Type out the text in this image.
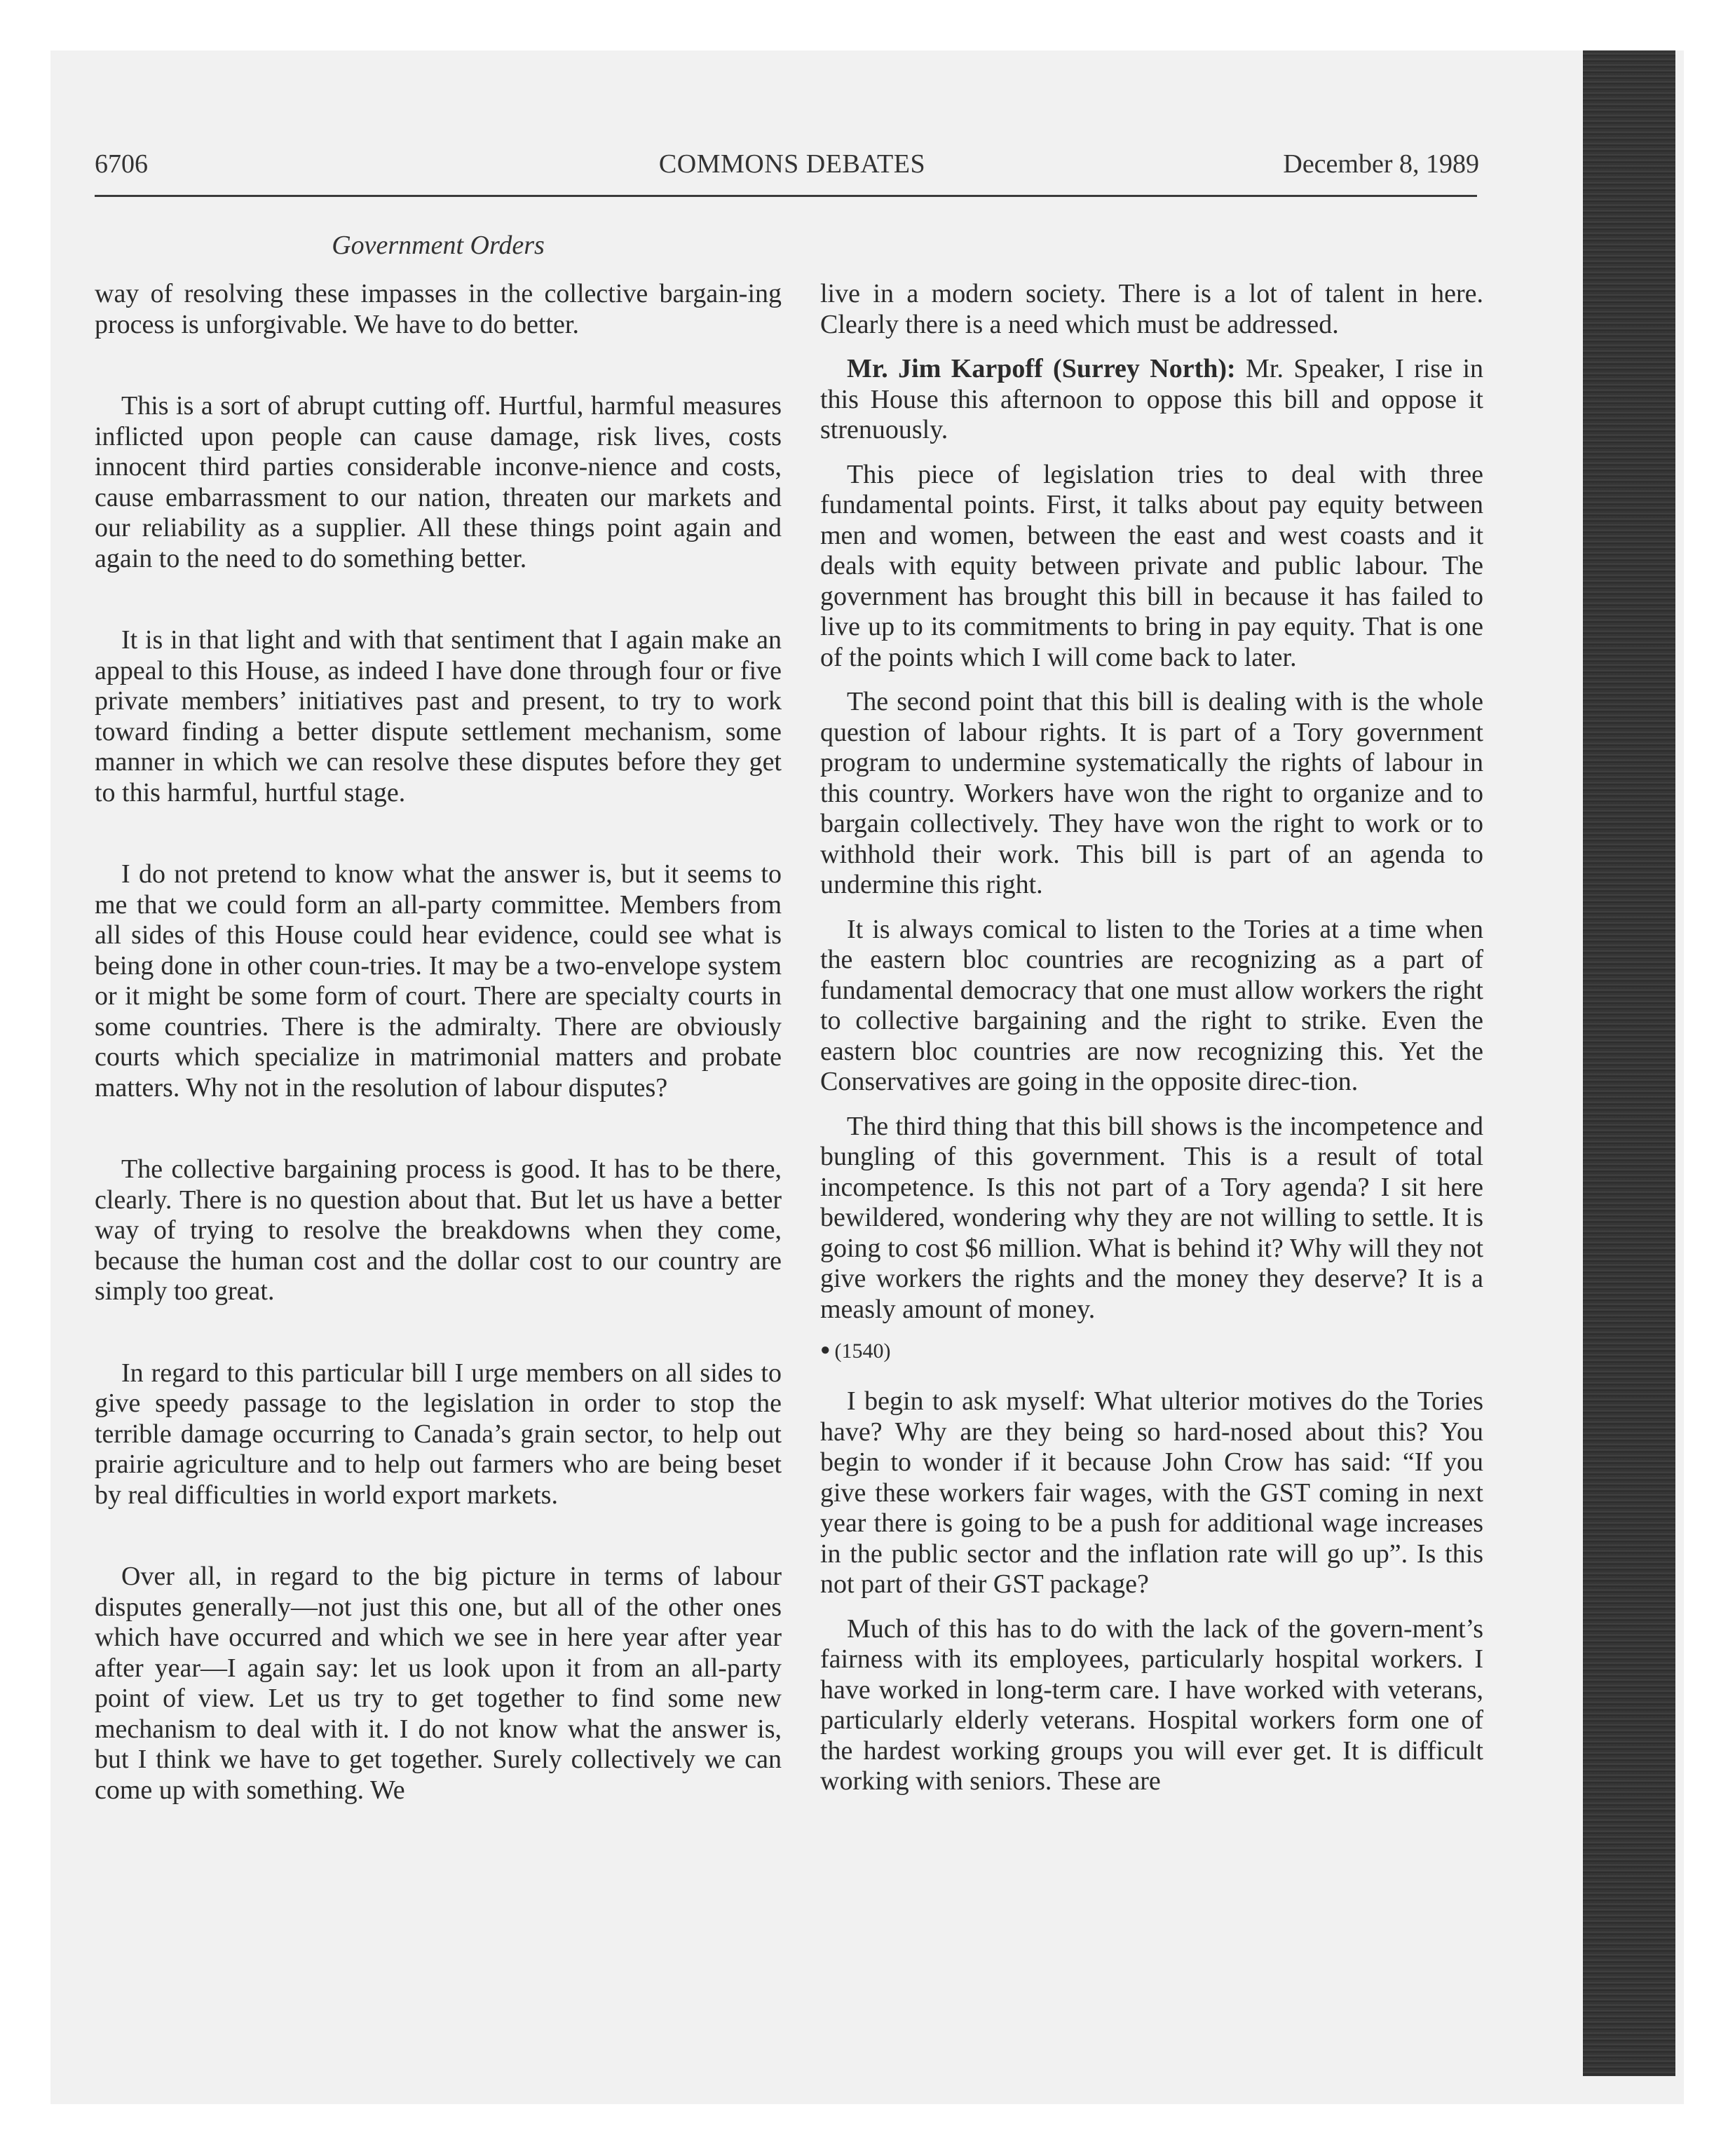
6706	COMMONS DEBATES	December 8, 1989
Government Orders

way of resolving these impasses in the collective bargain-ing process is unforgivable. We have to do better.

This is a sort of abrupt cutting off. Hurtful, harmful measures inflicted upon people can cause damage, risk lives, costs innocent third parties considerable inconve-nience and costs, cause embarrassment to our nation, threaten our markets and our reliability as a supplier. All these things point again and again to the need to do something better.

It is in that light and with that sentiment that I again make an appeal to this House, as indeed I have done through four or five private members’ initiatives past and present, to try to work toward finding a better dispute settlement mechanism, some manner in which we can resolve these disputes before they get to this harmful, hurtful stage.

I do not pretend to know what the answer is, but it seems to me that we could form an all-party committee. Members from all sides of this House could hear evidence, could see what is being done in other coun-tries. It may be a two-envelope system or it might be some form of court. There are specialty courts in some countries. There is the admiralty. There are obviously courts which specialize in matrimonial matters and probate matters. Why not in the resolution of labour disputes?

The collective bargaining process is good. It has to be there, clearly. There is no question about that. But let us have a better way of trying to resolve the breakdowns when they come, because the human cost and the dollar cost to our country are simply too great.

In regard to this particular bill I urge members on all sides to give speedy passage to the legislation in order to stop the terrible damage occurring to Canada’s grain sector, to help out prairie agriculture and to help out farmers who are being beset by real difficulties in world export markets.

Over all, in regard to the big picture in terms of labour disputes generally—not just this one, but all of the other ones which have occurred and which we see in here year after year after year—I again say: let us look upon it from an all-party point of view. Let us try to get together to find some new mechanism to deal with it. I do not know what the answer is, but I think we have to get together. Surely collectively we can come up with something. We

live in a modern society. There is a lot of talent in here. Clearly there is a need which must be addressed.

Mr. Jim Karpoff (Surrey North): Mr. Speaker, I rise in this House this afternoon to oppose this bill and oppose it strenuously.

This piece of legislation tries to deal with three fundamental points. First, it talks about pay equity between men and women, between the east and west coasts and it deals with equity between private and public labour. The government has brought this bill in because it has failed to live up to its commitments to bring in pay equity. That is one of the points which I will come back to later.

The second point that this bill is dealing with is the whole question of labour rights. It is part of a Tory government program to undermine systematically the rights of labour in this country. Workers have won the right to organize and to bargain collectively. They have won the right to work or to withhold their work. This bill is part of an agenda to undermine this right.

It is always comical to listen to the Tories at a time when the eastern bloc countries are recognizing as a part of fundamental democracy that one must allow workers the right to collective bargaining and the right to strike. Even the eastern bloc countries are now recognizing this. Yet the Conservatives are going in the opposite direc-tion.

The third thing that this bill shows is the incompetence and bungling of this government. This is a result of total incompetence. Is this not part of a Tory agenda? I sit here bewildered, wondering why they are not willing to settle. It is going to cost $6 million. What is behind it? Why will they not give workers the rights and the money they deserve? It is a measly amount of money.

● (1540)

I begin to ask myself: What ulterior motives do the Tories have? Why are they being so hard-nosed about this? You begin to wonder if it because John Crow has said: “If you give these workers fair wages, with the GST coming in next year there is going to be a push for additional wage increases in the public sector and the inflation rate will go up”. Is this not part of their GST package?

Much of this has to do with the lack of the govern-ment’s fairness with its employees, particularly hospital workers. I have worked in long-term care. I have worked with veterans, particularly elderly veterans. Hospital workers form one of the hardest working groups you will ever get. It is difficult working with seniors. These are
